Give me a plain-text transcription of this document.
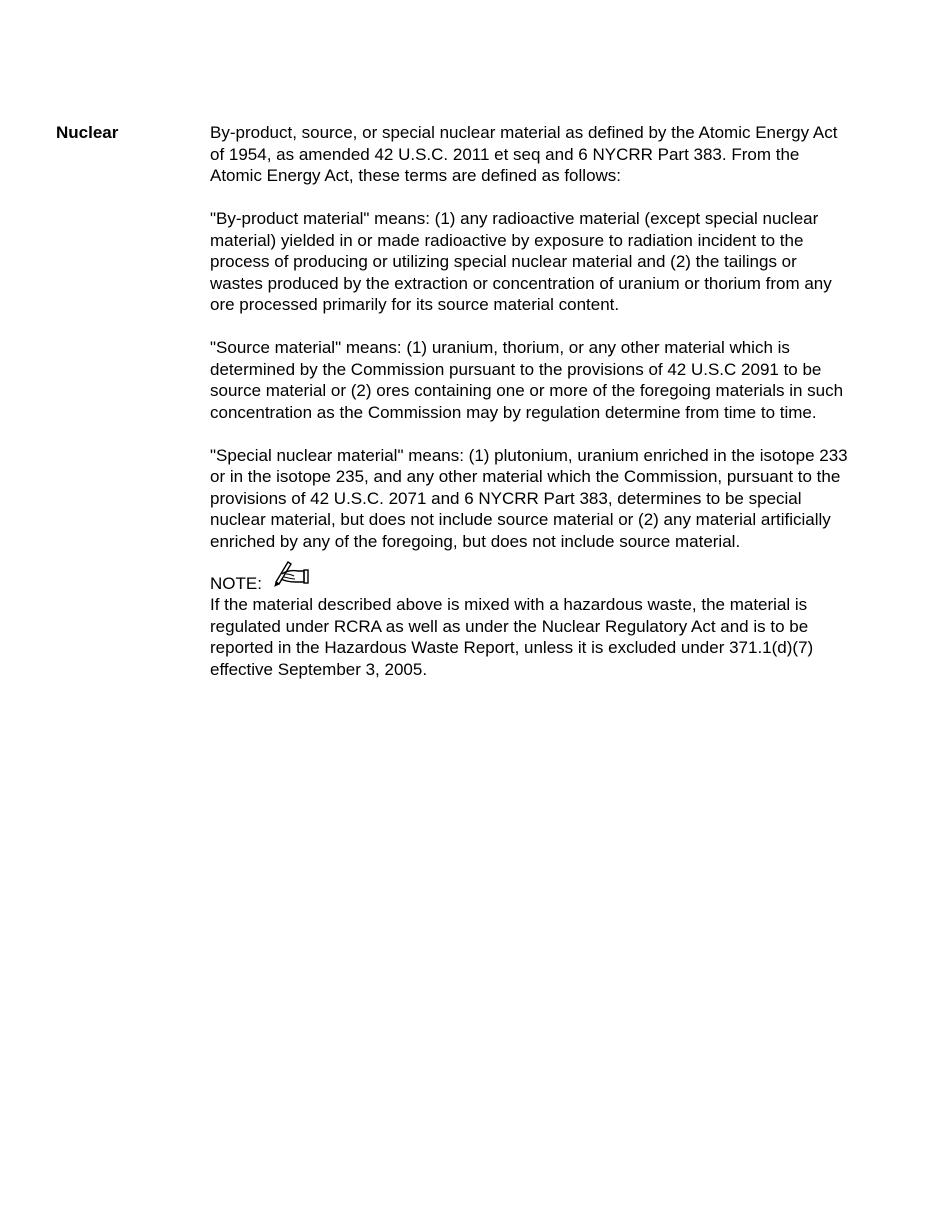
Nuclear	By-product, source, or special nuclear material as defined by the Atomic Energy Act of 1954, as amended 42 U.S.C. 2011 et seq and 6 NYCRR Part 383. From the Atomic Energy Act, these terms are defined as follows:

"By-product material" means: (1) any radioactive material (except special nuclear material) yielded in or made radioactive by exposure to radiation incident to the process of producing or utilizing special nuclear material and (2) the tailings or wastes produced by the extraction or concentration of uranium or thorium from any ore processed primarily for its source material content.

"Source material" means: (1) uranium, thorium, or any other material which is determined by the Commission pursuant to the provisions of 42 U.S.C 2091 to be source material or (2) ores containing one or more of the foregoing materials in such concentration as the Commission may by regulation determine from time to time.

"Special nuclear material" means: (1) plutonium, uranium enriched in the isotope 233 or in the isotope 235, and any other material which the Commission, pursuant to the provisions of 42 U.S.C. 2071 and 6 NYCRR Part 383, determines to be special nuclear material, but does not include source material or (2) any material artificially enriched by any of the foregoing, but does not include source material.

NOTE:

If the material described above is mixed with a hazardous waste, the material is regulated under RCRA as well as under the Nuclear Regulatory Act and is to be reported in the Hazardous Waste Report, unless it is excluded under 371.1(d)(7) effective September 3, 2005.
